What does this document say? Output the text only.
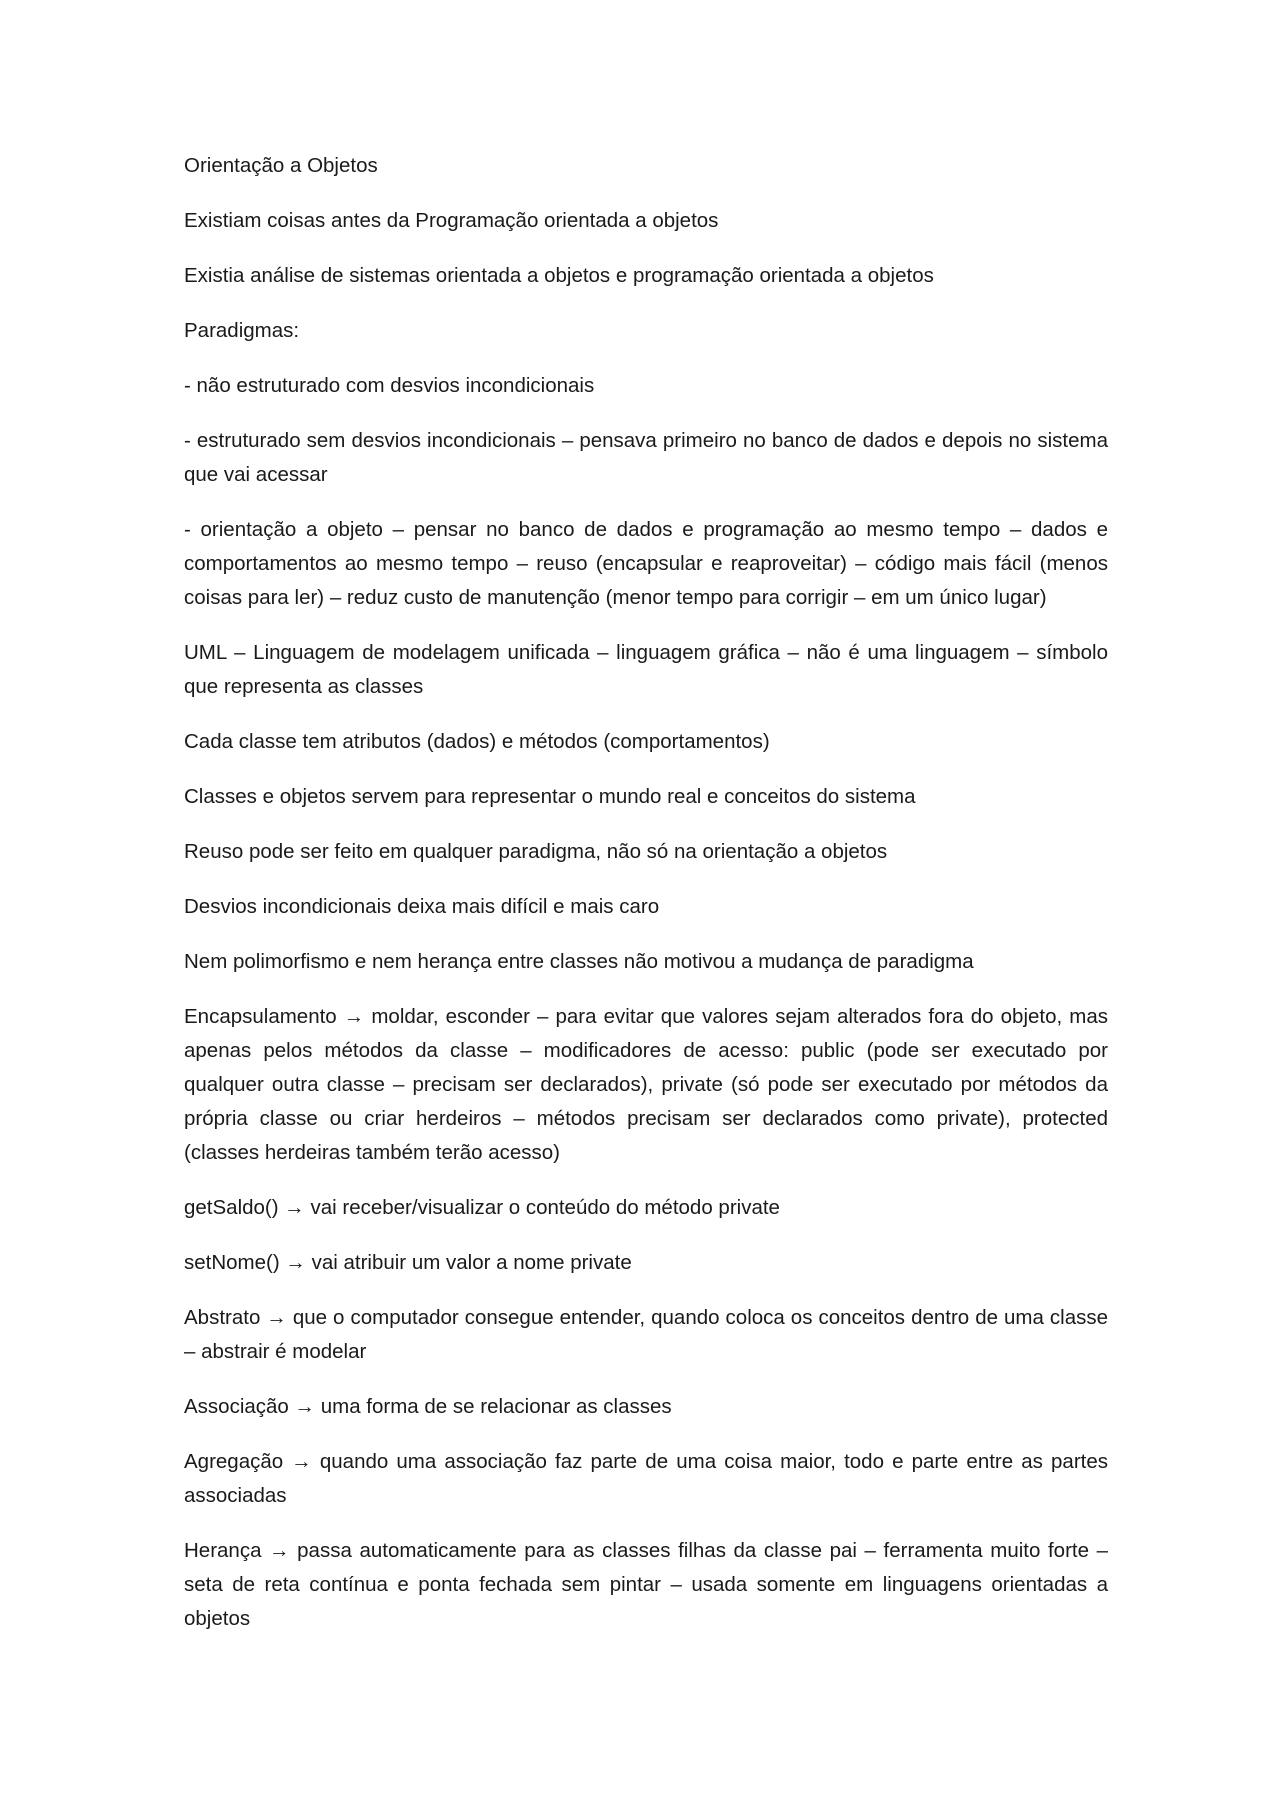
Orientação a Objetos

Existiam coisas antes da Programação orientada a objetos

Existia análise de sistemas orientada a objetos e programação orientada a objetos

Paradigmas:

- não estruturado com desvios incondicionais

- estruturado sem desvios incondicionais – pensava primeiro no banco de dados e depois no sistema que vai acessar

- orientação a objeto – pensar no banco de dados e programação ao mesmo tempo – dados e comportamentos ao mesmo tempo – reuso (encapsular e reaproveitar) – código mais fácil (menos coisas para ler) – reduz custo de manutenção (menor tempo para corrigir – em um único lugar)

UML – Linguagem de modelagem unificada – linguagem gráfica – não é uma linguagem – símbolo que representa as classes

Cada classe tem atributos (dados) e métodos (comportamentos)

Classes e objetos servem para representar o mundo real e conceitos do sistema

Reuso pode ser feito em qualquer paradigma, não só na orientação a objetos

Desvios incondicionais deixa mais difícil e mais caro

Nem polimorfismo e nem herança entre classes não motivou a mudança de paradigma

Encapsulamento → moldar, esconder – para evitar que valores sejam alterados fora do objeto, mas apenas pelos métodos da classe – modificadores de acesso: public (pode ser executado por qualquer outra classe – precisam ser declarados), private (só pode ser executado por métodos da própria classe ou criar herdeiros – métodos precisam ser declarados como private), protected (classes herdeiras também terão acesso)

getSaldo() → vai receber/visualizar o conteúdo do método private

setNome() → vai atribuir um valor a nome private

Abstrato → que o computador consegue entender, quando coloca os conceitos dentro de uma classe – abstrair é modelar

Associação → uma forma de se relacionar as classes

Agregação → quando uma associação faz parte de uma coisa maior, todo e parte entre as partes associadas

Herança → passa automaticamente para as classes filhas da classe pai – ferramenta muito forte – seta de reta contínua e ponta fechada sem pintar – usada somente em linguagens orientadas a objetos
